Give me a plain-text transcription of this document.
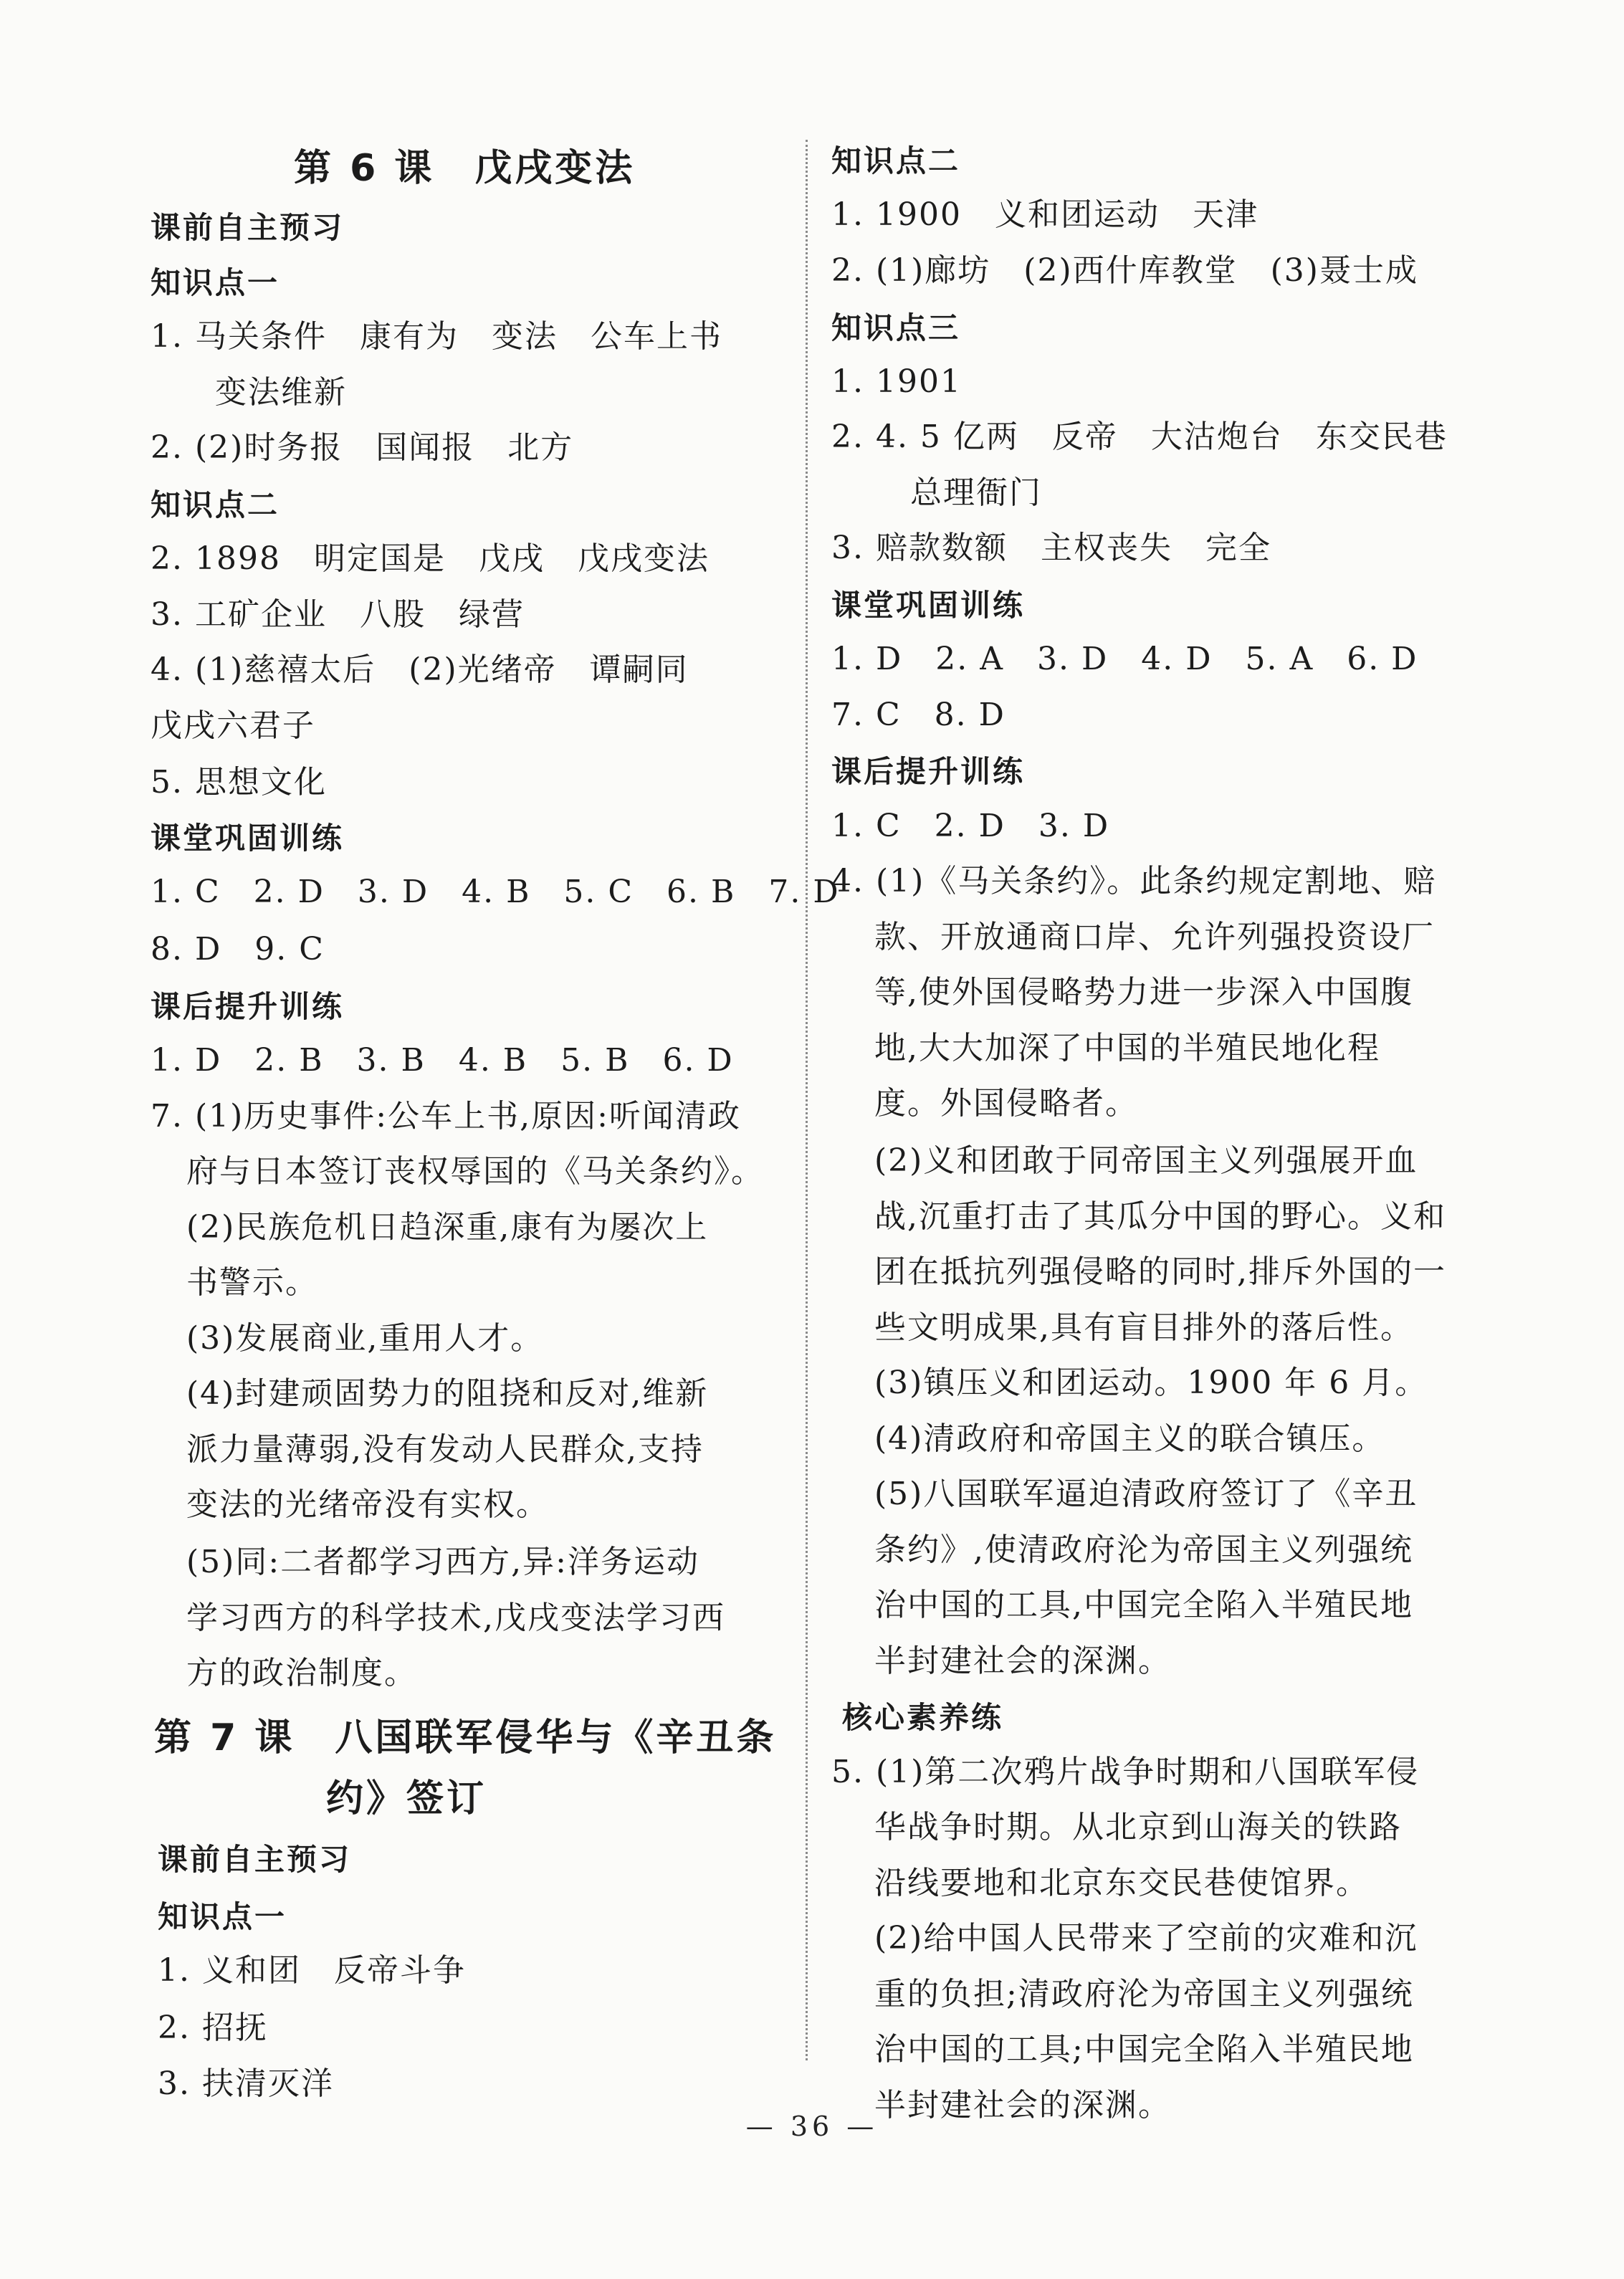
第 6 课　戊戌变法
课前自主预习
知识点一
1. 马关条件　康有为　变法　公车上书
变法维新
2. (2)时务报　国闻报　北方
知识点二
2. 1898　明定国是　戊戌　戊戌变法
3. 工矿企业　八股　绿营
4. (1)慈禧太后　(2)光绪帝　谭嗣同
戊戌六君子
5. 思想文化
课堂巩固训练
1. C　2. D　3. D　4. B　5. C　6. B　7. D
8. D　9. C
课后提升训练
1. D　2. B　3. B　4. B　5. B　6. D
7. (1)历史事件:公车上书,原因:听闻清政
府与日本签订丧权辱国的《马关条约》。
(2)民族危机日趋深重,康有为屡次上
书警示。
(3)发展商业,重用人才。
(4)封建顽固势力的阻挠和反对,维新
派力量薄弱,没有发动人民群众,支持
变法的光绪帝没有实权。
(5)同:二者都学习西方,异:洋务运动
学习西方的科学技术,戊戌变法学习西
方的政治制度。
第 7 课　八国联军侵华与《辛丑条
约》签订
课前自主预习
知识点一
1. 义和团　反帝斗争
2. 招抚
3. 扶清灭洋
知识点二
1. 1900　义和团运动　天津
2. (1)廊坊　(2)西什库教堂　(3)聂士成
知识点三
1. 1901
2. 4. 5 亿两　反帝　大沽炮台　东交民巷
总理衙门
3. 赔款数额　主权丧失　完全
课堂巩固训练
1. D　2. A　3. D　4. D　5. A　6. D
7. C　8. D
课后提升训练
1. C　2. D　3. D
4. (1)《马关条约》。此条约规定割地、赔
款、开放通商口岸、允许列强投资设厂
等,使外国侵略势力进一步深入中国腹
地,大大加深了中国的半殖民地化程
度。外国侵略者。
(2)义和团敢于同帝国主义列强展开血
战,沉重打击了其瓜分中国的野心。义和
团在抵抗列强侵略的同时,排斥外国的一
些文明成果,具有盲目排外的落后性。
(3)镇压义和团运动。1900 年 6 月。
(4)清政府和帝国主义的联合镇压。
(5)八国联军逼迫清政府签订了《辛丑
条约》,使清政府沦为帝国主义列强统
治中国的工具,中国完全陷入半殖民地
半封建社会的深渊。
核心素养练
5. (1)第二次鸦片战争时期和八国联军侵
华战争时期。从北京到山海关的铁路
沿线要地和北京东交民巷使馆界。
(2)给中国人民带来了空前的灾难和沉
重的负担;清政府沦为帝国主义列强统
治中国的工具;中国完全陷入半殖民地
半封建社会的深渊。
— 36 —
